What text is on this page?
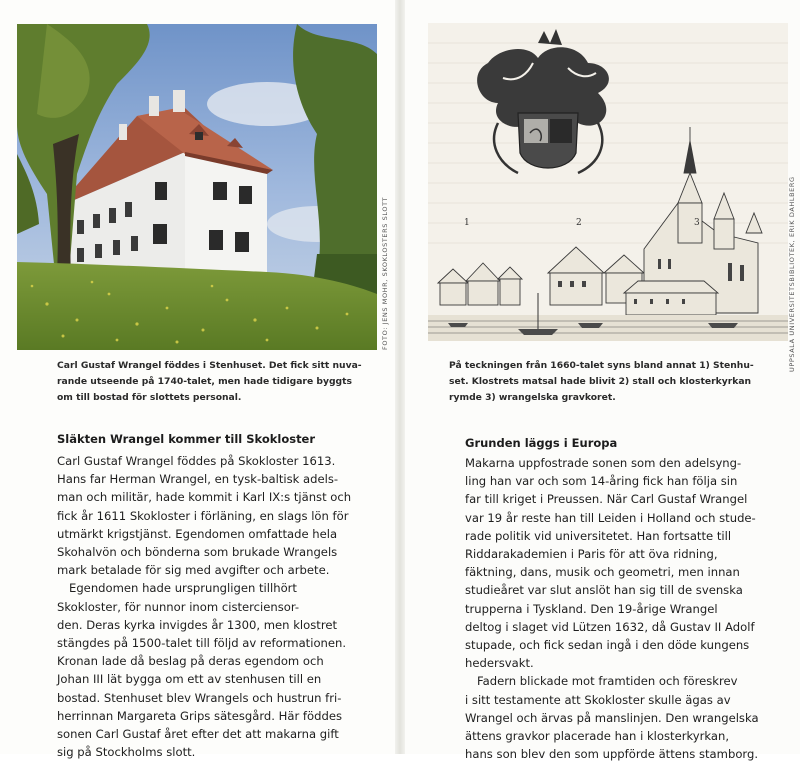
FOTO: JENS MOHR, SKOKLOSTERS SLOTT	1	2	3	UPPSALA UNIVERSITETSBIBLIOTEK, ERIK DAHLBERG
Carl Gustaf Wrangel föddes i Stenhuset. Det fick sitt nuva-
rande utseende på 1740-talet, men hade tidigare byggts
om till bostad för slottets personal.
På teckningen från 1660-talet syns bland annat 1) Stenhu-
set. Klostrets matsal hade blivit 2) stall och klosterkyrkan
rymde 3) wrangelska gravkoret.
Släkten Wrangel kommer till Skokloster
Carl Gustaf Wrangel föddes på Skokloster 1613.
Hans far Herman Wrangel, en tysk-baltisk adels-
man och militär, hade kommit i Karl IX:s tjänst och
fick år 1611 Skokloster i förläning, en slags lön för
utmärkt krigstjänst. Egendomen omfattade hela
Skohalvön och bönderna som brukade Wrangels
mark betalade för sig med avgifter och arbete.
Egendomen hade ursprungligen tillhört
Skokloster, för nunnor inom cisterciensor-
den. Deras kyrka invigdes år 1300, men klostret
stängdes på 1500-talet till följd av reformationen.
Kronan lade då beslag på deras egendom och
Johan III lät bygga om ett av stenhusen till en
bostad. Stenhuset blev Wrangels och hustrun fri-
herrinnan Margareta Grips sätesgård. Här föddes
sonen Carl Gustaf året efter det att makarna gift
sig på Stockholms slott.
Grunden läggs i Europa
Makarna uppfostrade sonen som den adelsyng-
ling han var och som 14-åring fick han följa sin
far till kriget i Preussen. När Carl Gustaf Wrangel
var 19 år reste han till Leiden i Holland och stude-
rade politik vid universitetet. Han fortsatte till
Riddarakademien i Paris för att öva ridning,
fäktning, dans, musik och geometri, men innan
studieåret var slut anslöt han sig till de svenska
trupperna i Tyskland. Den 19-årige Wrangel
deltog i slaget vid Lützen 1632, då Gustav II Adolf
stupade, och fick sedan ingå i den döde kungens
hedersvakt.
Fadern blickade mot framtiden och föreskrev
i sitt testamente att Skokloster skulle ägas av
Wrangel och ärvas på manslinjen. Den wrangelska
ättens gravkor placerade han i klosterkyrkan,
hans son blev den som uppförde ättens stamborg.
